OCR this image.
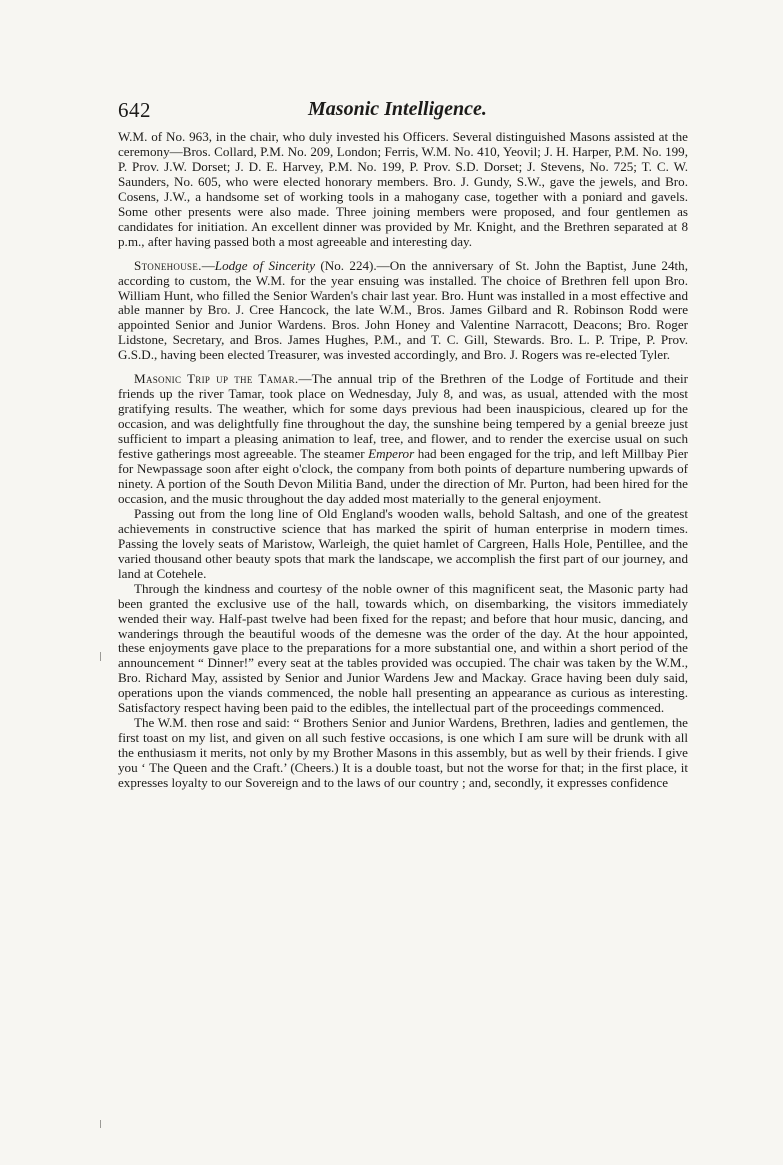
642	Masonic Intelligence.

W.M. of No. 963, in the chair, who duly invested his Officers. Several distinguished Masons assisted at the ceremony—Bros. Collard, P.M. No. 209, London; Ferris, W.M. No. 410, Yeovil; J. H. Harper, P.M. No. 199, P. Prov. J.W. Dorset; J. D. E. Harvey, P.M. No. 199, P. Prov. S.D. Dorset; J. Stevens, No. 725; T. C. W. Saunders, No. 605, who were elected honorary members. Bro. J. Gundy, S.W., gave the jewels, and Bro. Cosens, J.W., a handsome set of working tools in a mahogany case, together with a poniard and gavels. Some other presents were also made. Three joining members were proposed, and four gentlemen as candidates for initiation. An excellent dinner was provided by Mr. Knight, and the Brethren separated at 8 p.m., after having passed both a most agreeable and interesting day.

Stonehouse.—Lodge of Sincerity (No. 224).—On the anniversary of St. John the Baptist, June 24th, according to custom, the W.M. for the year ensuing was installed. The choice of Brethren fell upon Bro. William Hunt, who filled the Senior Warden's chair last year. Bro. Hunt was installed in a most effective and able manner by Bro. J. Cree Hancock, the late W.M., Bros. James Gilbard and R. Robinson Rodd were appointed Senior and Junior Wardens. Bros. John Honey and Valentine Narracott, Deacons; Bro. Roger Lidstone, Secretary, and Bros. James Hughes, P.M., and T. C. Gill, Stewards. Bro. L. P. Tripe, P. Prov. G.S.D., having been elected Treasurer, was invested accordingly, and Bro. J. Rogers was re-elected Tyler.

Masonic Trip up the Tamar.—The annual trip of the Brethren of the Lodge of Fortitude and their friends up the river Tamar, took place on Wednesday, July 8, and was, as usual, attended with the most gratifying results. The weather, which for some days previous had been inauspicious, cleared up for the occasion, and was delightfully fine throughout the day, the sunshine being tempered by a genial breeze just sufficient to impart a pleasing animation to leaf, tree, and flower, and to render the exercise usual on such festive gatherings most agreeable. The steamer Emperor had been engaged for the trip, and left Millbay Pier for Newpassage soon after eight o'clock, the company from both points of departure numbering upwards of ninety. A portion of the South Devon Militia Band, under the direction of Mr. Purton, had been hired for the occasion, and the music throughout the day added most materially to the general enjoyment.

Passing out from the long line of Old England's wooden walls, behold Saltash, and one of the greatest achievements in constructive science that has marked the spirit of human enterprise in modern times. Passing the lovely seats of Maristow, Warleigh, the quiet hamlet of Cargreen, Halls Hole, Pentillee, and the varied thousand other beauty spots that mark the landscape, we accomplish the first part of our journey, and land at Cotehele.

Through the kindness and courtesy of the noble owner of this magnificent seat, the Masonic party had been granted the exclusive use of the hall, towards which, on disembarking, the visitors immediately wended their way. Half-past twelve had been fixed for the repast; and before that hour music, dancing, and wanderings through the beautiful woods of the demesne was the order of the day. At the hour appointed, these enjoyments gave place to the preparations for a more substantial one, and within a short period of the announcement “ Dinner!” every seat at the tables provided was occupied. The chair was taken by the W.M., Bro. Richard May, assisted by Senior and Junior Wardens Jew and Mackay. Grace having been duly said, operations upon the viands commenced, the noble hall presenting an appearance as curious as interesting. Satisfactory respect having been paid to the edibles, the intellectual part of the proceedings commenced.

The W.M. then rose and said: “ Brothers Senior and Junior Wardens, Brethren, ladies and gentlemen, the first toast on my list, and given on all such festive occasions, is one which I am sure will be drunk with all the enthusiasm it merits, not only by my Brother Masons in this assembly, but as well by their friends. I give you ‘ The Queen and the Craft.’ (Cheers.) It is a double toast, but not the worse for that; in the first place, it expresses loyalty to our Sovereign and to the laws of our country ; and, secondly, it expresses confidence
